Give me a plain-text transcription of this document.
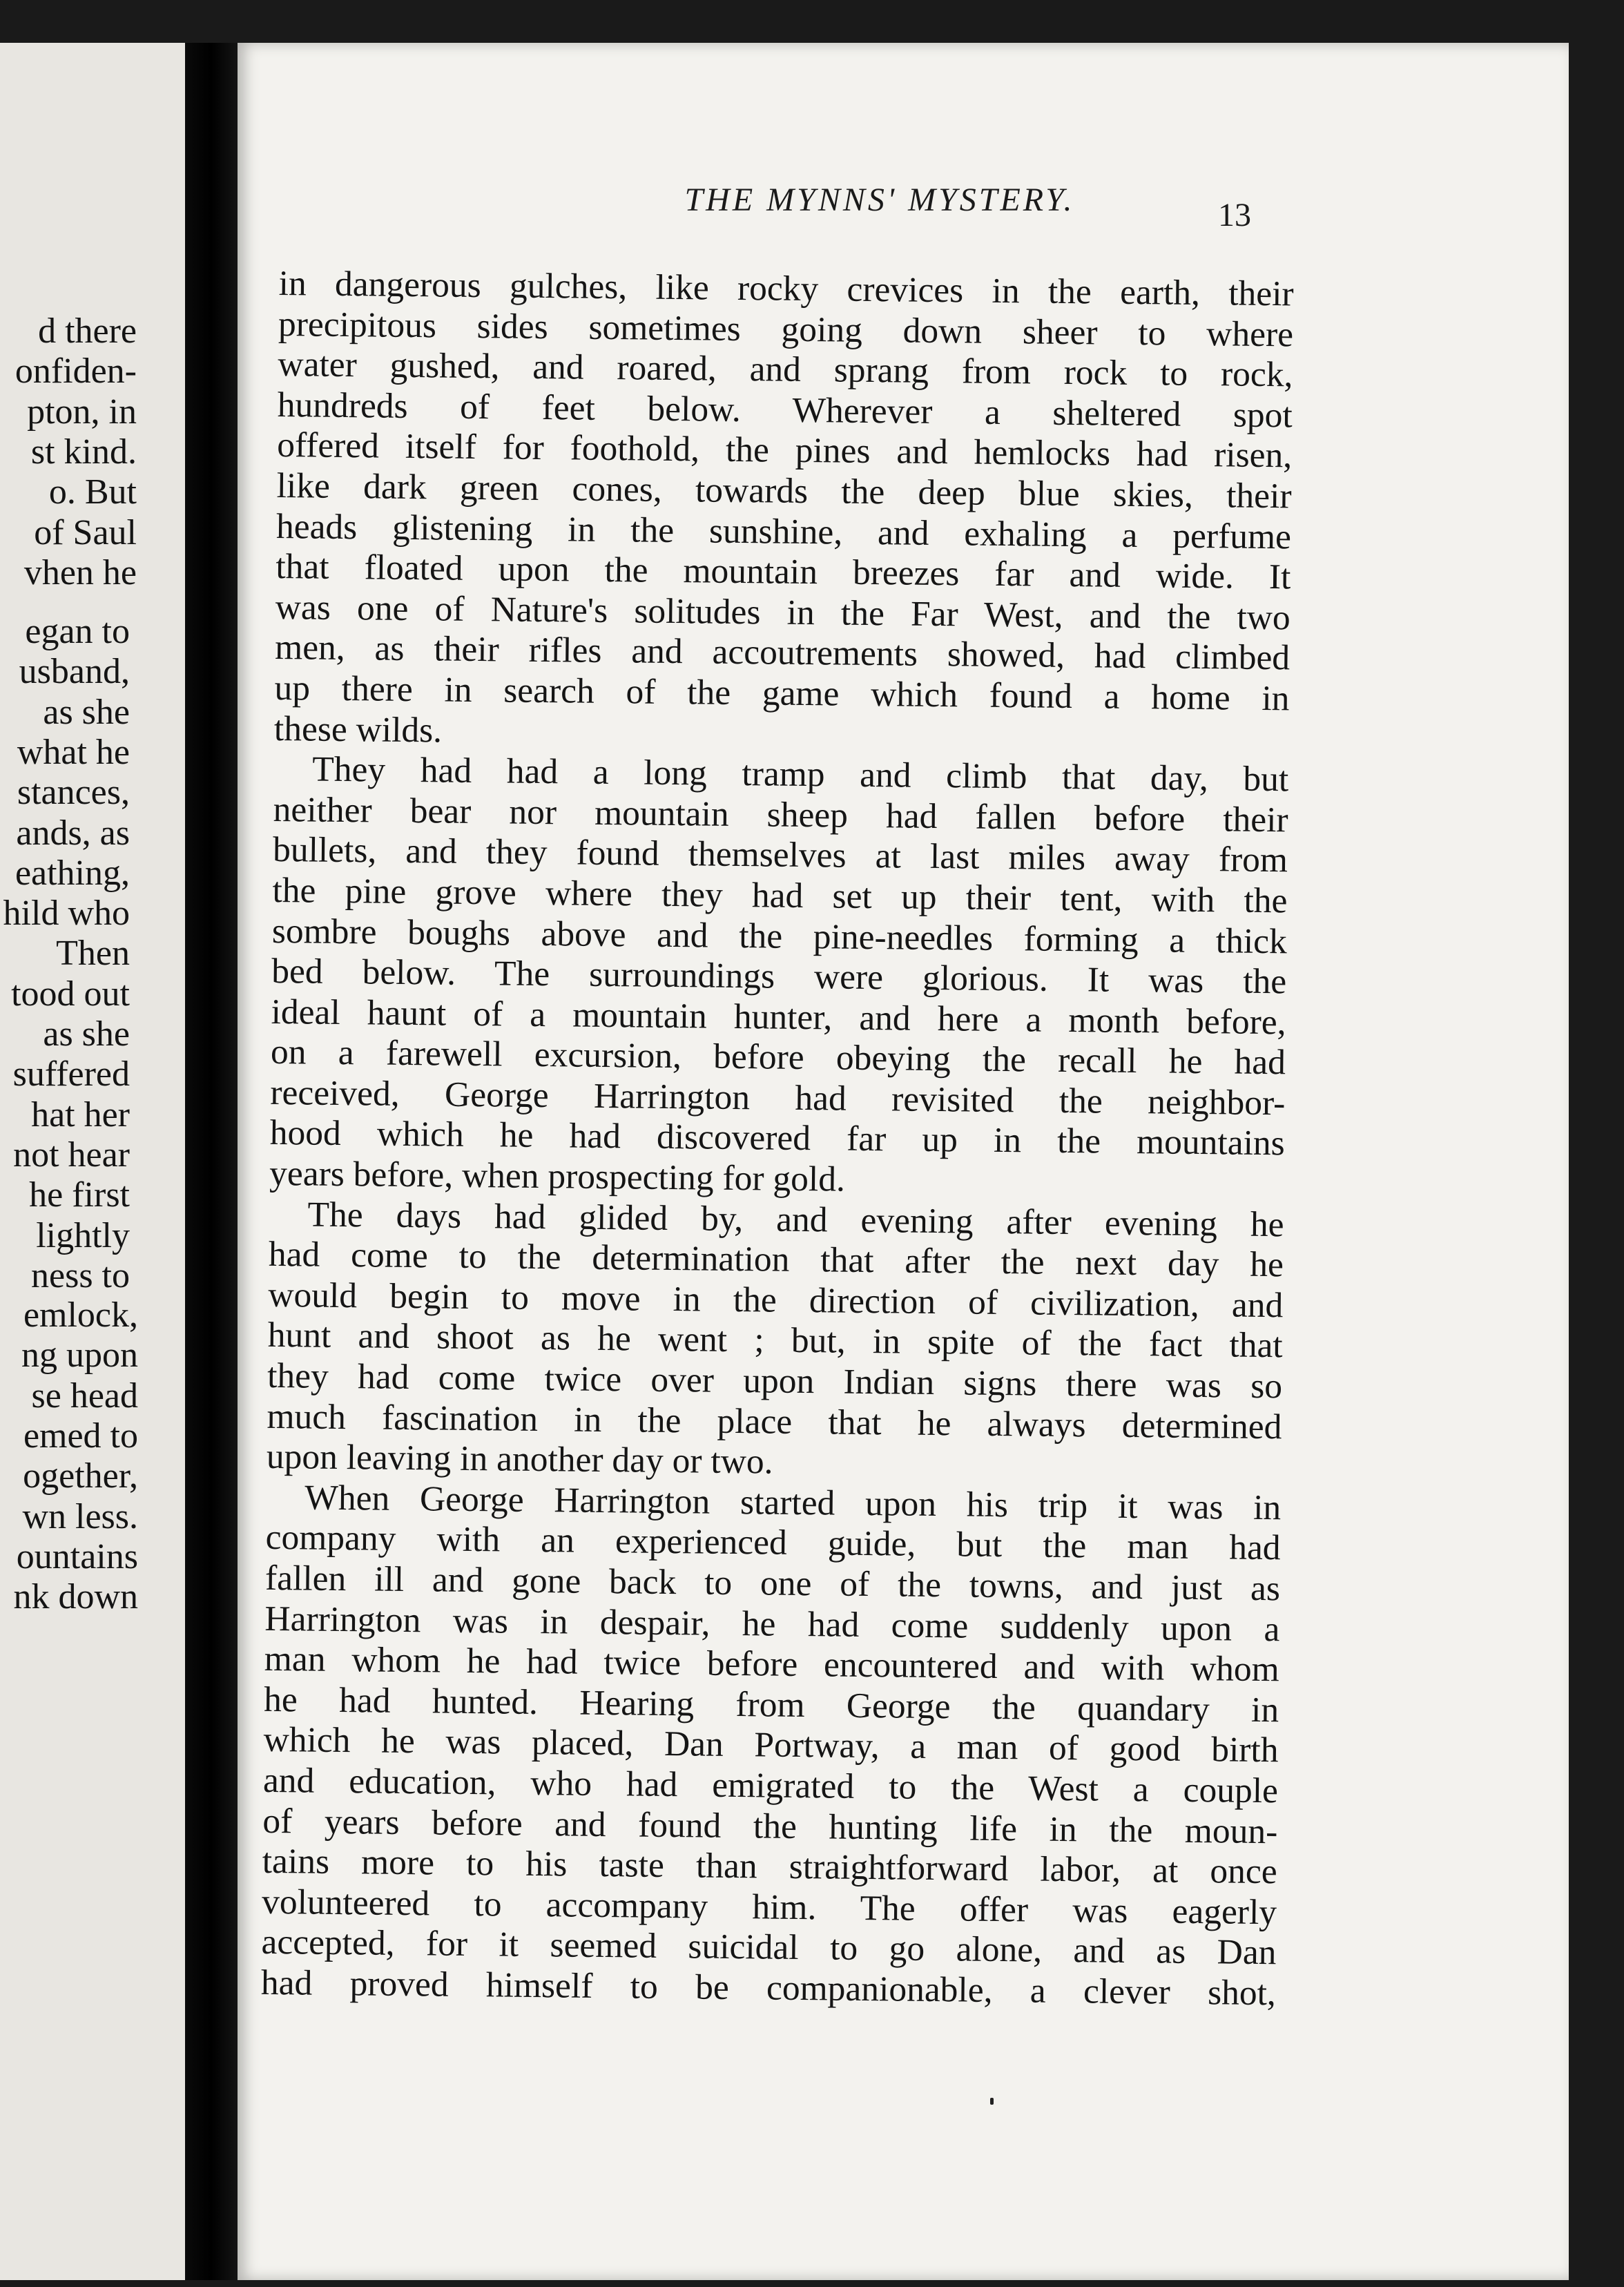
d there
onfiden-
pton, in
st kind.
o. But
of Saul
vhen he
egan to
usband,
as she
what he
stances,
ands, as
eathing,
hild who
Then
tood out
as she
suffered
hat her
not hear
he first
lightly
ness to
emlock,
ng upon
se head
emed to
ogether,
wn less.
ountains
nk down
THE MYNNS' MYSTERY.	13
in dangerous gulches, like rocky crevices in the earth, their
precipitous sides sometimes going down sheer to where
water gushed, and roared, and sprang from rock to rock,
hundreds of feet below. Wherever a sheltered spot
offered itself for foothold, the pines and hemlocks had risen,
like dark green cones, towards the deep blue skies, their
heads glistening in the sunshine, and exhaling a perfume
that floated upon the mountain breezes far and wide. It
was one of Nature's solitudes in the Far West, and the two
men, as their rifles and accoutrements showed, had climbed
up there in search of the game which found a home in
these wilds.
They had had a long tramp and climb that day, but
neither bear nor mountain sheep had fallen before their
bullets, and they found themselves at last miles away from
the pine grove where they had set up their tent, with the
sombre boughs above and the pine-needles forming a thick
bed below. The surroundings were glorious. It was the
ideal haunt of a mountain hunter, and here a month before,
on a farewell excursion, before obeying the recall he had
received, George Harrington had revisited the neighbor-
hood which he had discovered far up in the mountains
years before, when prospecting for gold.
The days had glided by, and evening after evening he
had come to the determination that after the next day he
would begin to move in the direction of civilization, and
hunt and shoot as he went ; but, in spite of the fact that
they had come twice over upon Indian signs there was so
much fascination in the place that he always determined
upon leaving in another day or two.
When George Harrington started upon his trip it was in
company with an experienced guide, but the man had
fallen ill and gone back to one of the towns, and just as
Harrington was in despair, he had come suddenly upon a
man whom he had twice before encountered and with whom
he had hunted. Hearing from George the quandary in
which he was placed, Dan Portway, a man of good birth
and education, who had emigrated to the West a couple
of years before and found the hunting life in the moun-
tains more to his taste than straightforward labor, at once
volunteered to accompany him. The offer was eagerly
accepted, for it seemed suicidal to go alone, and as Dan
had proved himself to be companionable, a clever shot,
